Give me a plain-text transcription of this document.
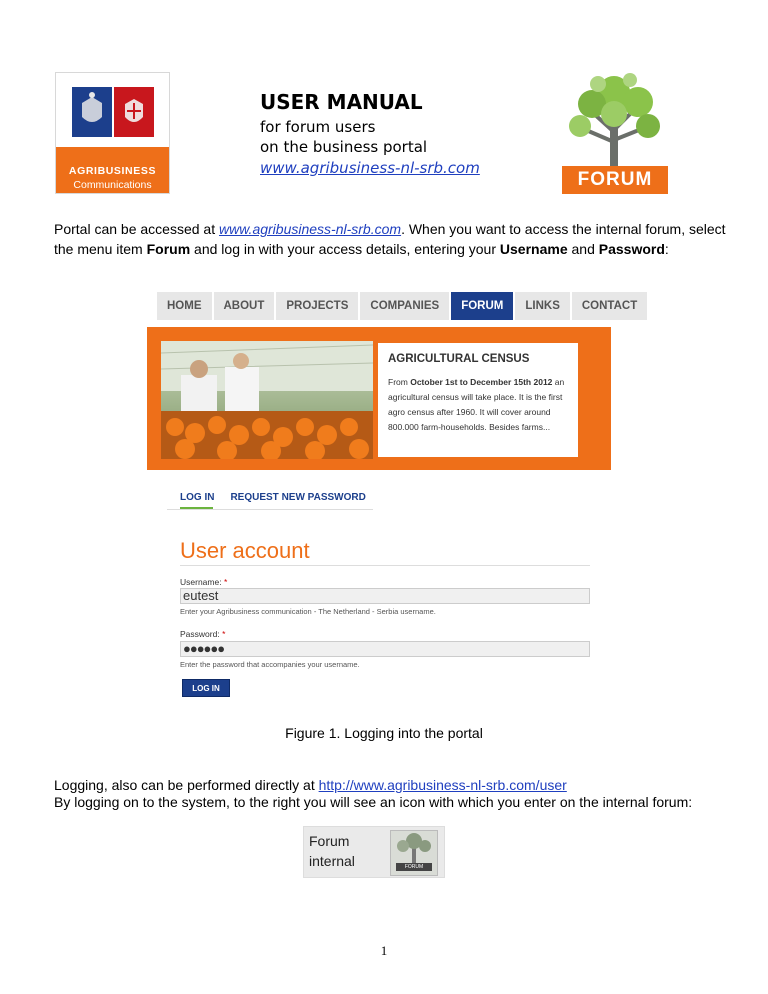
AGRIBUSINESS
Communications
USER MANUAL
for forum users
on the business portal
www.agribusiness-nl-srb.com
FORUM
Portal can be accessed at www.agribusiness-nl-srb.com. When you want to access the internal forum, select the menu item Forum and log in with your access details, entering your Username and Password:
HOME	ABOUT	PROJECTS	COMPANIES	FORUM	LINKS	CONTACT
AGRICULTURAL CENSUS
From October 1st to December 15th 2012 an agricultural census will take place. It is the first agro census after 1960. It will cover around 800.000 farm-households. Besides farms...
LOG IN REQUEST NEW PASSWORD
User account
Username: *
eutest
Enter your Agribusiness communication - The Netherland - Serbia username.
Password: *
●●●●●●
Enter the password that accompanies your username.
LOG IN
Figure 1. Logging into the portal
Logging, also can be performed directly at http://www.agribusiness-nl-srb.com/user
By logging on to the system, to the right you will see an icon with which you enter on the internal forum:
Forum
internal	FORUM
1
